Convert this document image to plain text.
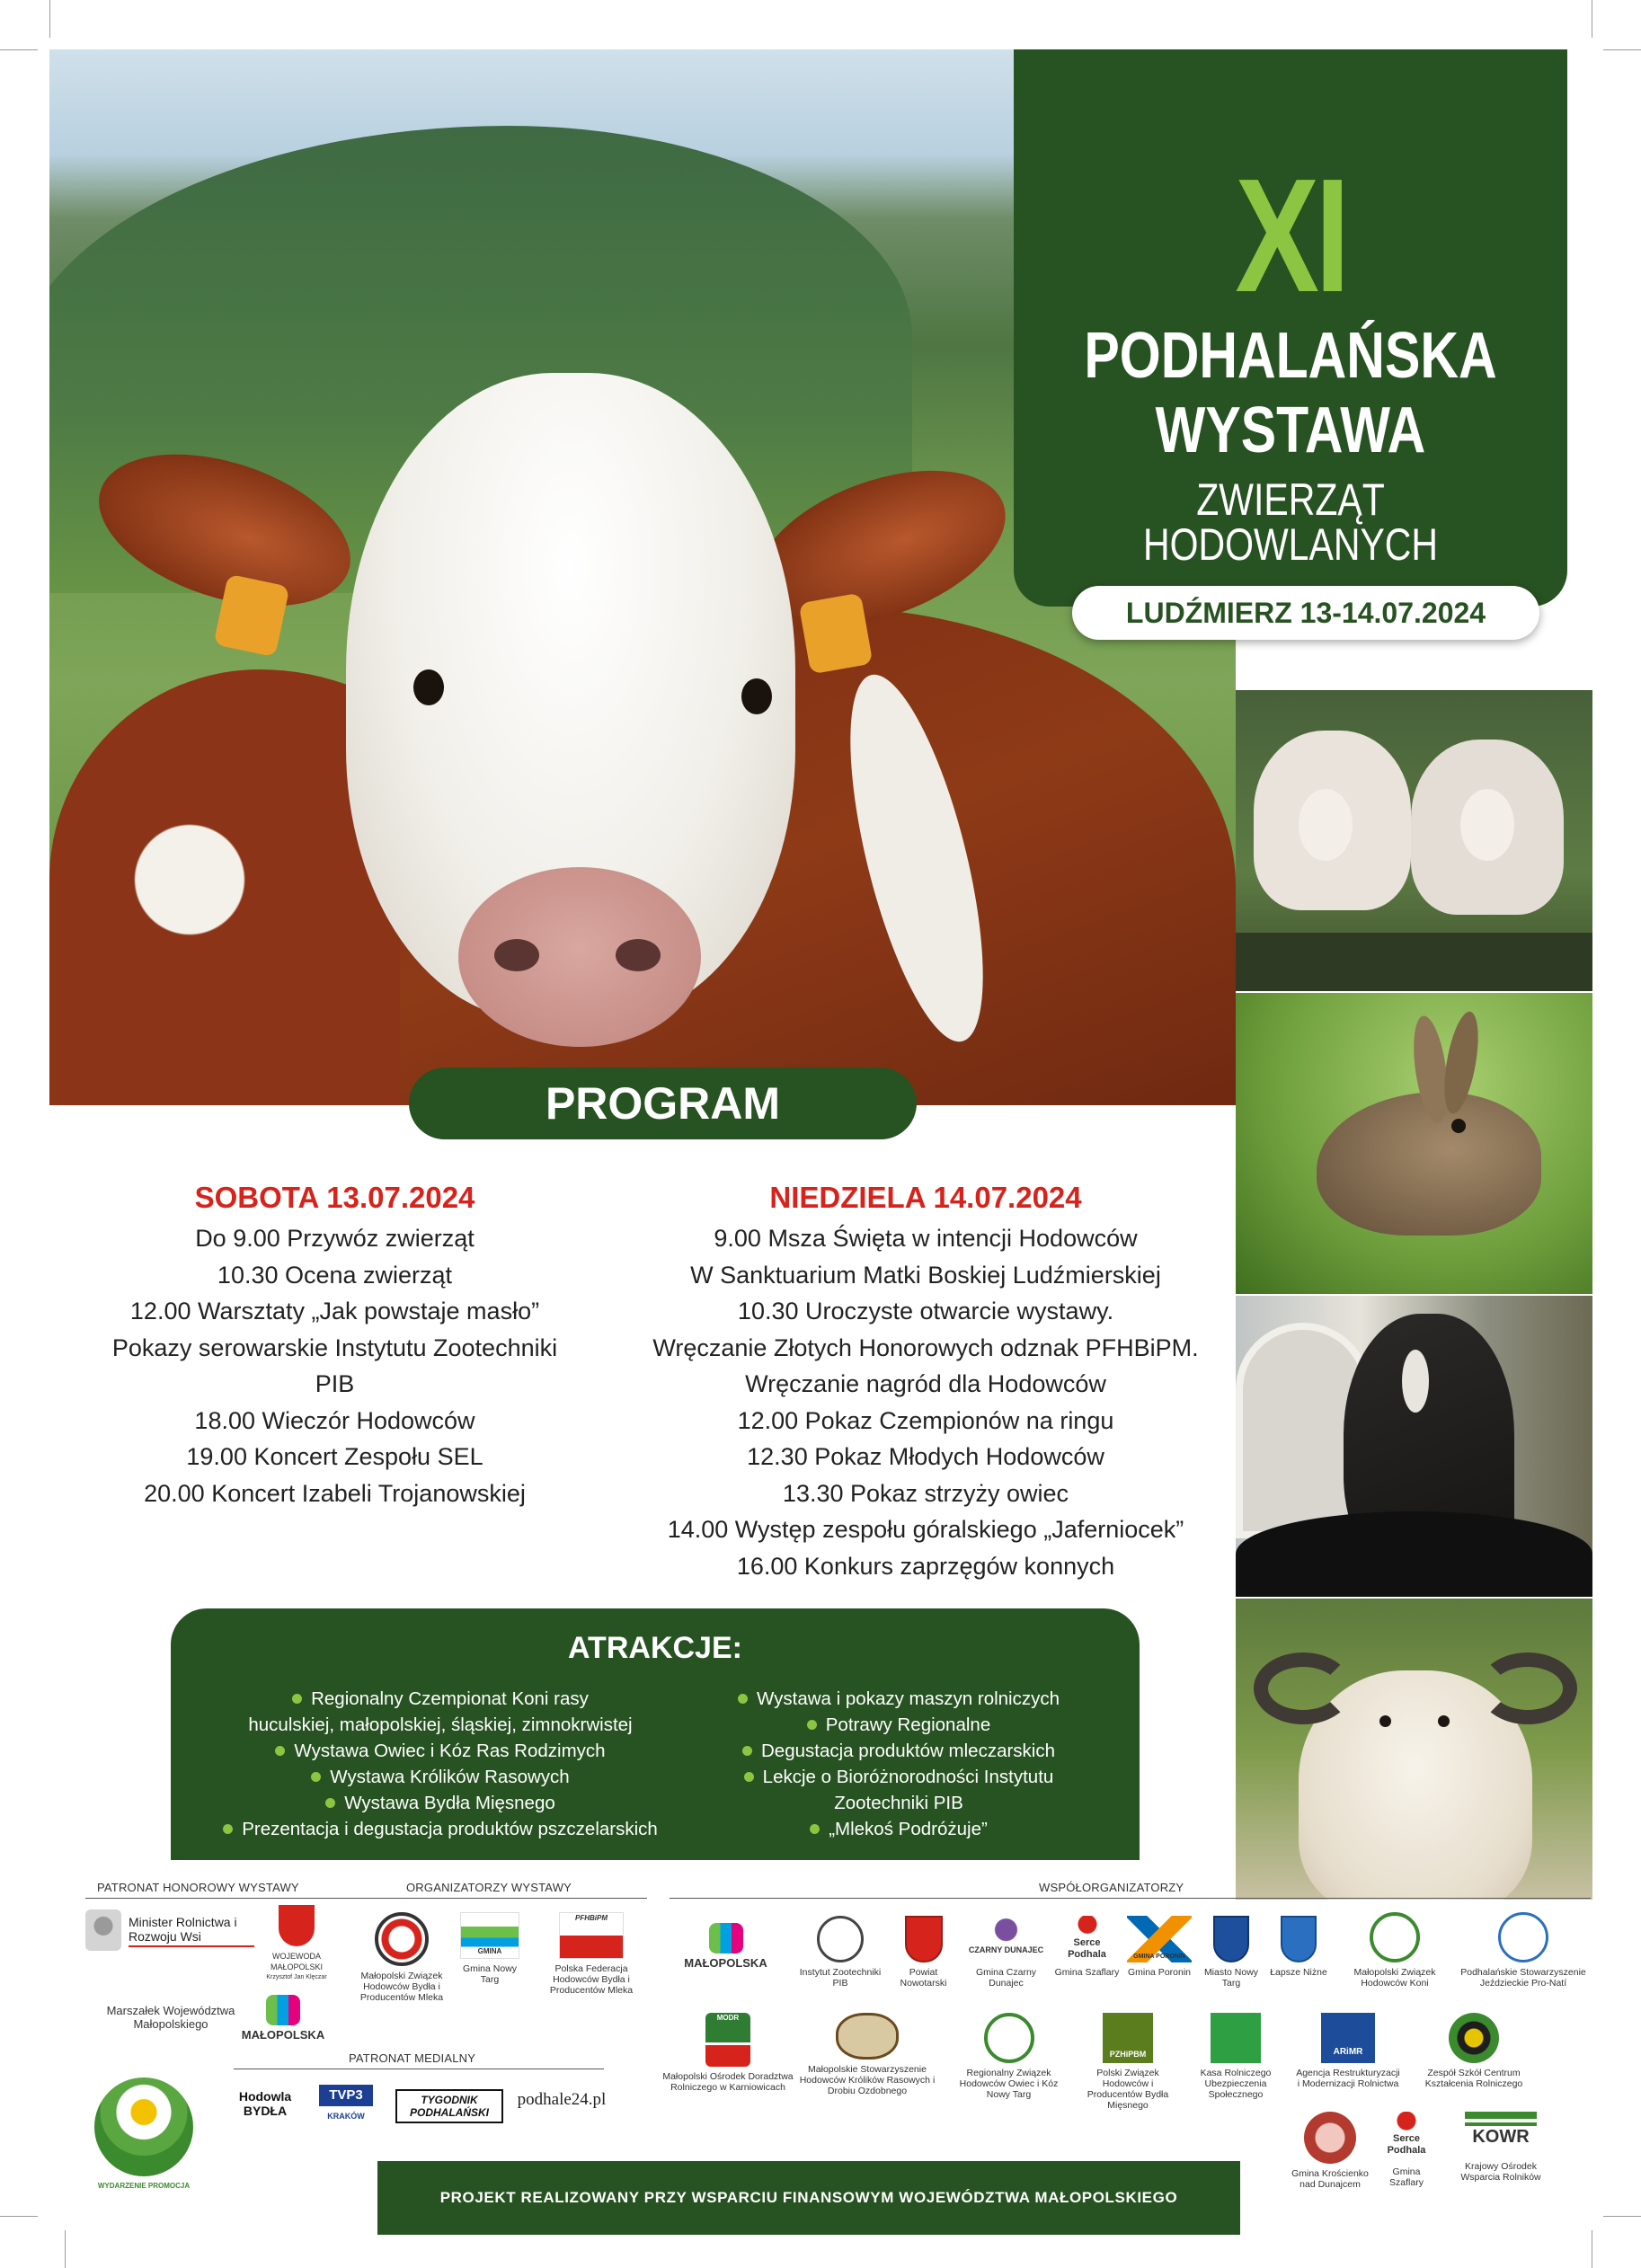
XI
PODHALAŃSKA
WYSTAWA
ZWIERZĄT HODOWLANYCH
LUDŹMIERZ 13-14.07.2024
PROGRAM
SOBOTA 13.07.2024
Do 9.00 Przywóz zwierząt
10.30 Ocena zwierząt
12.00 Warsztaty „Jak powstaje masło”
Pokazy serowarskie Instytutu Zootechniki PIB
18.00 Wieczór Hodowców
19.00 Koncert Zespołu SEL
20.00 Koncert Izabeli Trojanowskiej
NIEDZIELA 14.07.2024
9.00 Msza Święta w intencji Hodowców
W Sanktuarium Matki Boskiej Ludźmierskiej
10.30 Uroczyste otwarcie wystawy.
Wręczanie Złotych Honorowych odznak PFHBiPM.
Wręczanie nagród dla Hodowców
12.00 Pokaz Czempionów na ringu
12.30 Pokaz Młodych Hodowców
13.30 Pokaz strzyży owiec
14.00 Występ zespołu góralskiego „Jaferniocek”
16.00 Konkurs zaprzęgów konnych
ATRAKCJE:
Regionalny Czempionat Koni rasy
huculskiej, małopolskiej, śląskiej, zimnokrwistej
Wystawa Owiec i Kóz Ras Rodzimych
Wystawa Królików Rasowych
Wystawa Bydła Mięsnego
Prezentacja i degustacja produktów pszczelarskich
Wystawa i pokazy maszyn rolniczych
Potrawy Regionalne
Degustacja produktów mleczarskich
Lekcje o Bioróżnorodności Instytutu
Zootechniki PIB
„Mlekoś Podróżuje”
PATRONAT HONOROWY WYSTAWY	ORGANIZATORZY WYSTAWY	WSPÓŁORGANIZATORZY
PATRONAT MEDIALNY
Minister Rolnictwa i Rozwoju Wsi
WOJEWODA MAŁOPOLSKI
Krzysztof Jan Klęczar
Marszałek Województwa Małopolskiego
MAŁOPOLSKA
Małopolski Związek Hodowców Bydła i Producentów Mleka
GMINA
Gmina Nowy Targ
PFHBiPM
Polska Federacja Hodowców Bydła i Producentów Mleka
MAŁOPOLSKA
Instytut Zootechniki PIB
Powiat Nowotarski
CZARNY DUNAJEC
Gmina Czarny Dunajec
Serce
Podhala
Gmina Szaflary
GMINA PORONIN
Gmina Poronin	Miasto Nowy Targ
Łapsze Niżne	Małopolski Związek Hodowców Koni
Podhalańskie Stowarzyszenie Jeździeckie Pro-Natí
MODR
Małopolski Ośrodek Doradztwa Rolniczego w Karniowicach
Małopolskie Stowarzyszenie Hodowców Królików Rasowych i Drobiu Ozdobnego
Regionalny Związek Hodowców Owiec i Kóz Nowy Targ
PZHiPBM
Polski Związek Hodowców i Producentów Bydła Mięsnego
Kasa Rolniczego Ubezpieczenia Społecznego
ARiMR
Agencja Restrukturyzacji i Modernizacji Rolnictwa
Zespół Szkół Centrum Kształcenia Rolniczego
Gmina Krościenko nad Dunajcem
Serce
Podhala
Gmina Szaflary
KOWR
Krajowy Ośrodek Wsparcia Rolników
WYDARZENIE PROMOCJA
Hodowla BYDŁA
TVP3
KRAKÓW
TYGODNIK PODHALAŃSKI
podhale24.pl
PROJEKT REALIZOWANY PRZY WSPARCIU FINANSOWYM WOJEWÓDZTWA MAŁOPOLSKIEGO
